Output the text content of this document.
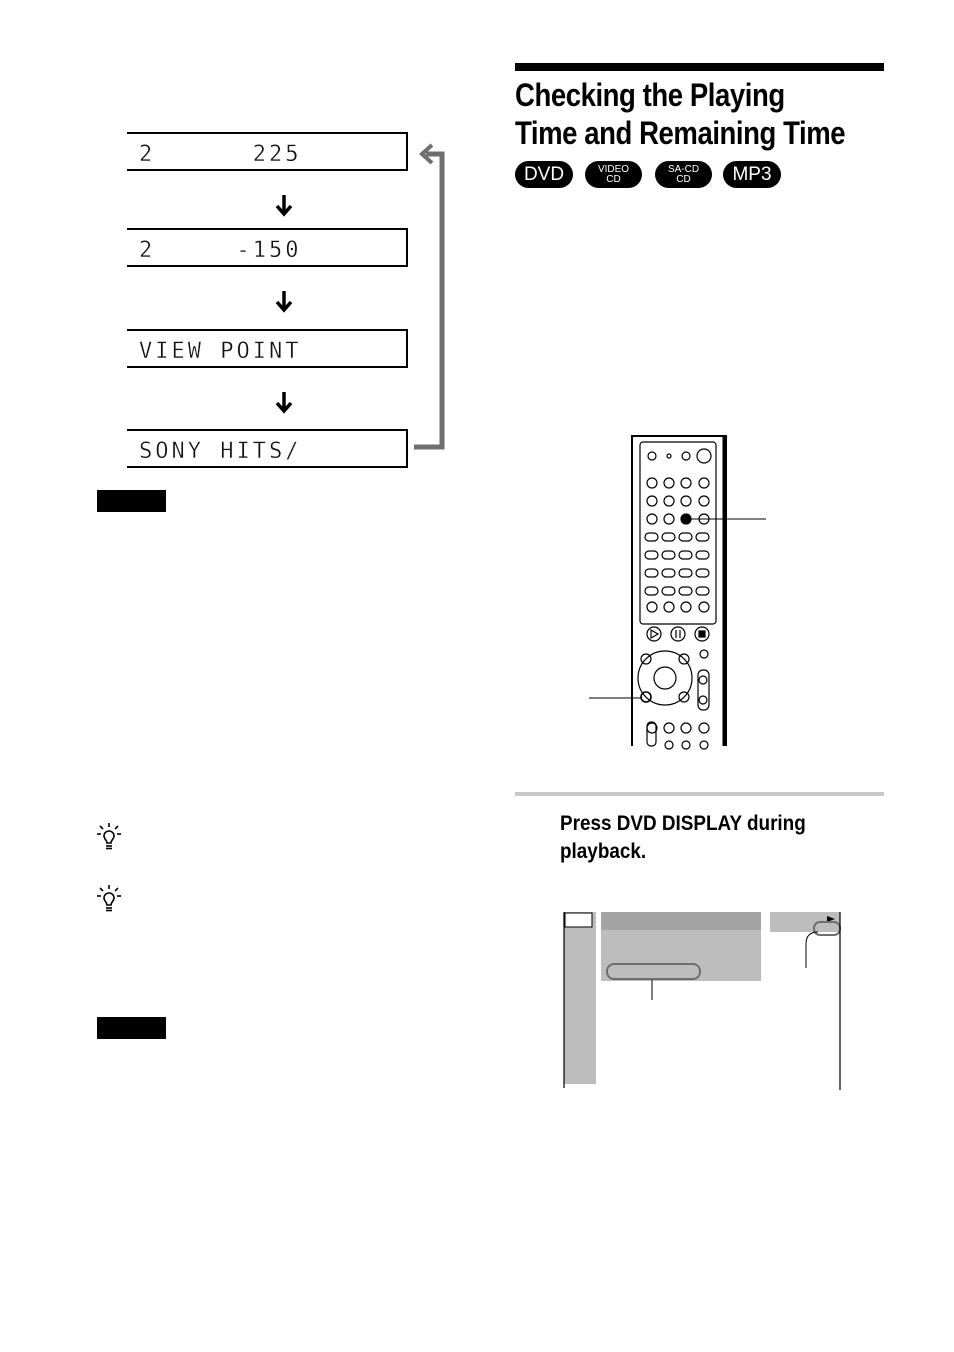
2      225
2     -150
VIEW POINT
SONY HITS/
Checking the Playing
Time and Remaining Time
DVD	VIDEO
CD
SA-CD
CD MP3
Press DVD DISPLAY during
playback.
